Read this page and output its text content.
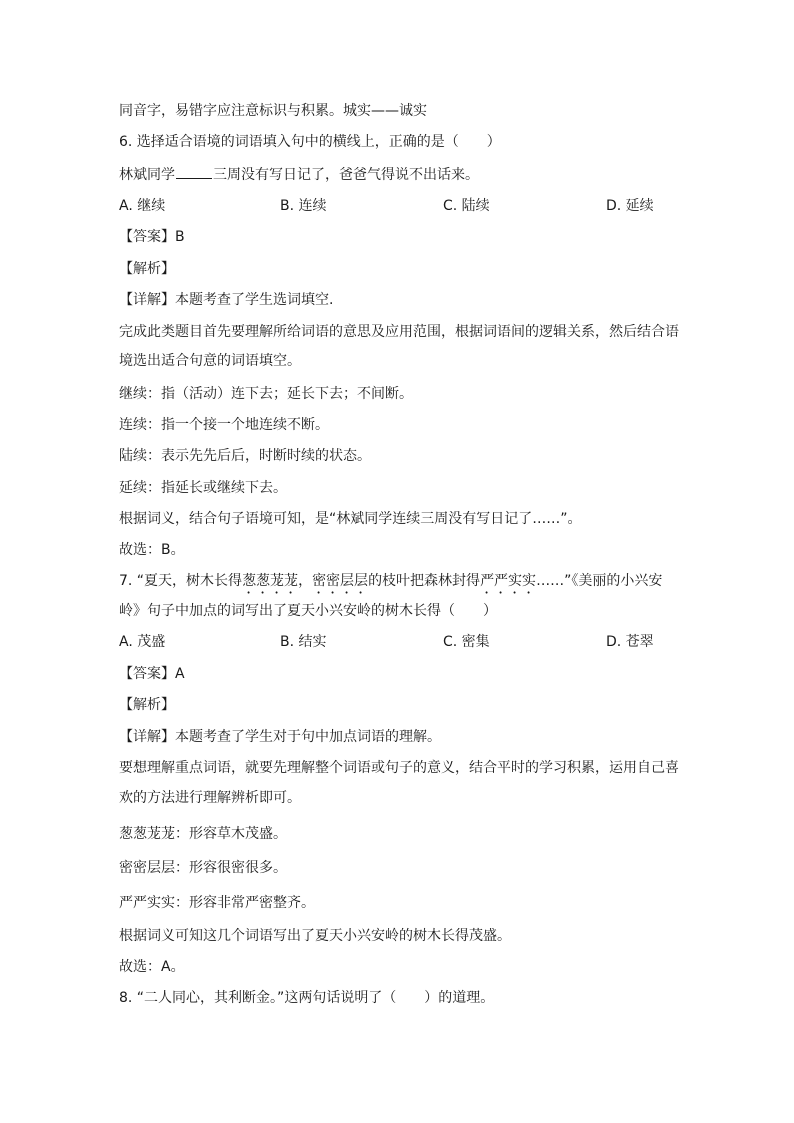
同音字，易错字应注意标识与积累。城实——诚实
6. 选择适合语境的词语填入句中的横线上，正确的是（　　）
林斌同学	三周没有写日记了，爸爸气得说不出话来。
A. 继续	B. 连续	C. 陆续	D. 延续
【答案】B
【解析】
【详解】本题考查了学生选词填空.
完成此类题目首先要理解所给词语的意思及应用范围，根据词语间的逻辑关系，然后结合语
境选出适合句意的词语填空。
继续：指（活动）连下去；延长下去；不间断。
连续：指一个接一个地连续不断。
陆续：表示先先后后，时断时续的状态。
延续：指延长或继续下去。
根据词义，结合句子语境可知，是“林斌同学连续三周没有写日记了……”。
故选：B。
7. “夏天，树木长得葱葱茏茏，密密层层的枝叶把森林封得严严实实……”《美丽的小兴安
岭》句子中加点的词写出了夏天小兴安岭的树木长得（　　）
A. 茂盛	B. 结实	C. 密集	D. 苍翠
【答案】A
【解析】
【详解】本题考查了学生对于句中加点词语的理解。
要想理解重点词语，就要先理解整个词语或句子的意义，结合平时的学习积累，运用自己喜
欢的方法进行理解辨析即可。
葱葱茏茏：形容草木茂盛。
密密层层：形容很密很多。
严严实实：形容非常严密整齐。
根据词义可知这几个词语写出了夏天小兴安岭的树木长得茂盛。
故选：A。
8. “二人同心，其利断金。”这两句话说明了（　　）的道理。
